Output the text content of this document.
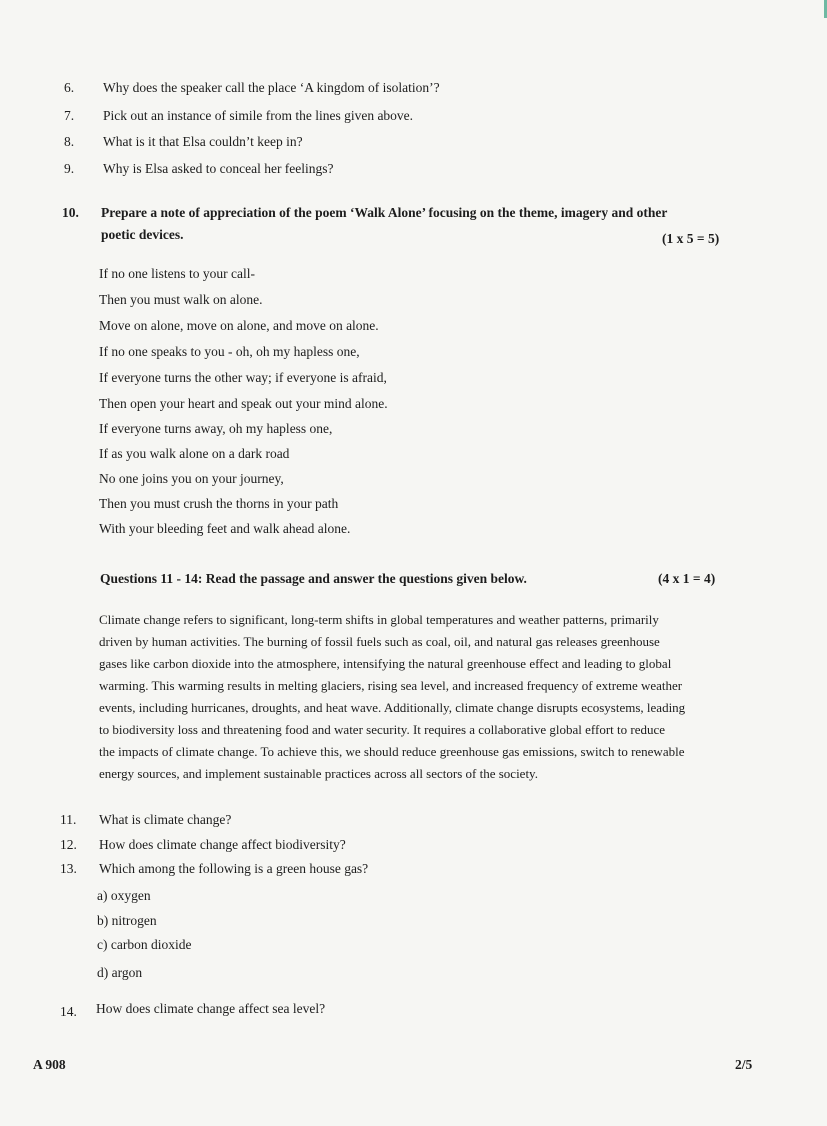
6. Why does the speaker call the place ‘A kingdom of isolation’?
7. Pick out an instance of simile from the lines given above.
8. What is it that Elsa couldn’t keep in?
9. Why is Elsa asked to conceal her feelings?
10. Prepare a note of appreciation of the poem ‘Walk Alone’ focusing on the theme, imagery and other
poetic devices.	(1 x 5 = 5)
If no one listens to your call-
Then you must walk on alone.
Move on alone, move on alone, and move on alone.
If no one speaks to you - oh, oh my hapless one,
If everyone turns the other way; if everyone is afraid,
Then open your heart and speak out your mind alone.
If everyone turns away, oh my hapless one,
If as you walk alone on a dark road
No one joins you on your journey,
Then you must crush the thorns in your path
With your bleeding feet and walk ahead alone.
Questions 11 - 14: Read the passage and answer the questions given below.	(4 x 1 = 4)
Climate change refers to significant, long-term shifts in global temperatures and weather patterns, primarily
driven by human activities. The burning of fossil fuels such as coal, oil, and natural gas releases greenhouse
gases like carbon dioxide into the atmosphere, intensifying the natural greenhouse effect and leading to global
warming. This warming results in melting glaciers, rising sea level, and increased frequency of extreme weather
events, including hurricanes, droughts, and heat wave. Additionally, climate change disrupts ecosystems, leading
to biodiversity loss and threatening food and water security. It requires a collaborative global effort to reduce
the impacts of climate change. To achieve this, we should reduce greenhouse gas emissions, switch to renewable
energy sources, and implement sustainable practices across all sectors of the society.
11. What is climate change?
12. How does climate change affect biodiversity?
13. Which among the following is a green house gas?
a) oxygen
b) nitrogen
c) carbon dioxide
d) argon
14. How does climate change affect sea level?
A 908	2/5
